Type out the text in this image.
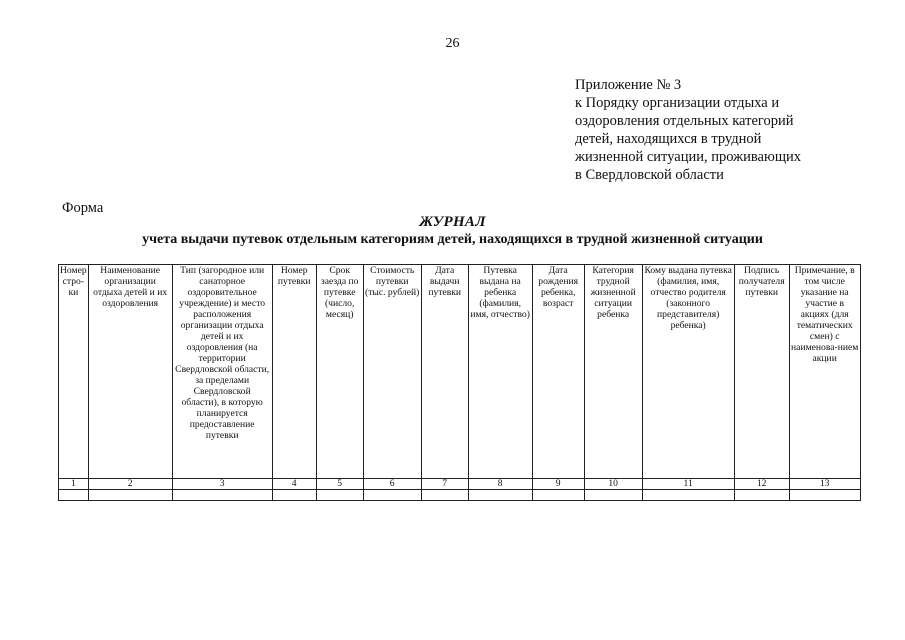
26
Приложение № 3
к Порядку организации отдыха и
оздоровления отдельных категорий
детей, находящихся в трудной
жизненной ситуации, проживающих
в Свердловской области
Форма
ЖУРНАЛ
учета выдачи путевок отдельным категориям детей, находящихся в трудной жизненной ситуации
Номер стро-ки	Наименование организации отдыха детей и их оздоровления	Тип (загородное или санаторное оздоровительное учреждение) и место расположения организации отдыха детей и их оздоровления (на территории Свердловской области, за пределами Свердловской области), в которую планируется предоставление путевки	Номер путевки	Срок заезда по путевке (число, месяц)	Стоимость путевки (тыс. рублей)	Дата выдачи путевки	Путевка выдана на ребенка (фамилия, имя, отчество)	Дата рождения ребенка, возраст	Категория трудной жизненной ситуации ребенка	Кому выдана путевка (фамилия, имя, отчество родителя (законного представителя) ребенка)	Подпись получателя путевки	Примечание, в том числе указание на участие в акциях (для тематических смен) с наименова-нием акции
1	2	3	4	5	6	7	8	9	10	11	12	13
